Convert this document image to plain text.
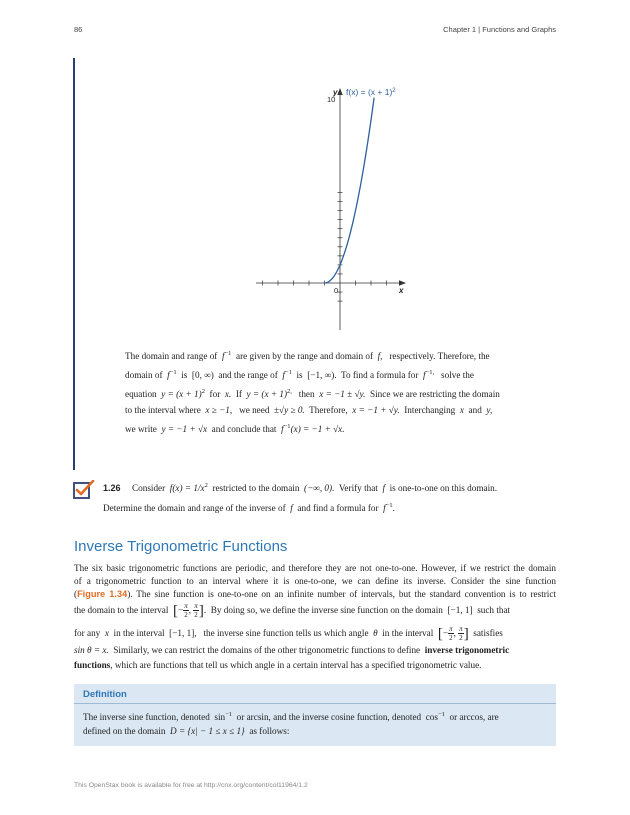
86	Chapter 1 | Functions and Graphs
y
10
0	x
$f(x) = (x + 1)^2$
The domain and range of $f^{-1}$ are given by the range and domain of f, respectively. Therefore, the
domain of $f^{-1}$ is [0, ∞) and the range of $f^{-1}$ is [−1, ∞). To find a formula for $f^{-1,}$ solve the
equation $y = (x + 1)^2$ for x. If $y = (x + 1)^{2,}$ then x = −1 ± √y. Since we are restricting the domain
to the interval where x ≥ −1, we need ±√y ≥ 0. Therefore, x = −1 + √y. Interchanging x and y,
we write y = −1 + √x and conclude that $f^{-1}(x) = -1 + √x$.
1.26 Consider $f(x) = 1/x^2$ restricted to the domain (−∞, 0). Verify that f is one-to-one on this domain.
Determine the domain and range of the inverse of f and find a formula for $f^{-1}$.
Inverse Trigonometric Functions
The six basic trigonometric functions are periodic, and therefore they are not one-to-one. However, if we restrict the domain
of a trigonometric function to an interval where it is one-to-one, we can define its inverse. Consider the sine function
(Figure 1.34). The sine function is one-to-one on an infinite number of intervals, but the standard convention is to restrict
the domain to the interval [− $\frac{\pi}{2}$ , $\frac{\pi}{2}$ ].  By doing so, we define the inverse sine function on the domain [−1, 1] such that
for any x in the interval [−1, 1], the inverse sine function tells us which angle θ in the interval [− $\frac{\pi}{2}$ , $\frac{\pi}{2}$ ] satisfies
sin θ = x. Similarly, we can restrict the domains of the other trigonometric functions to define inverse trigonometric
functions, which are functions that tell us which angle in a certain interval has a specified trigonometric value.
Definition
The inverse sine function, denoted $\sin^{-1}$ or arcsin, and the inverse cosine function, denoted $\cos^{-1}$ or arccos, are
defined on the domain D = {x| − 1 ≤ x ≤ 1} as follows:
This OpenStax book is available for free at http://cnx.org/content/col11964/1.2
